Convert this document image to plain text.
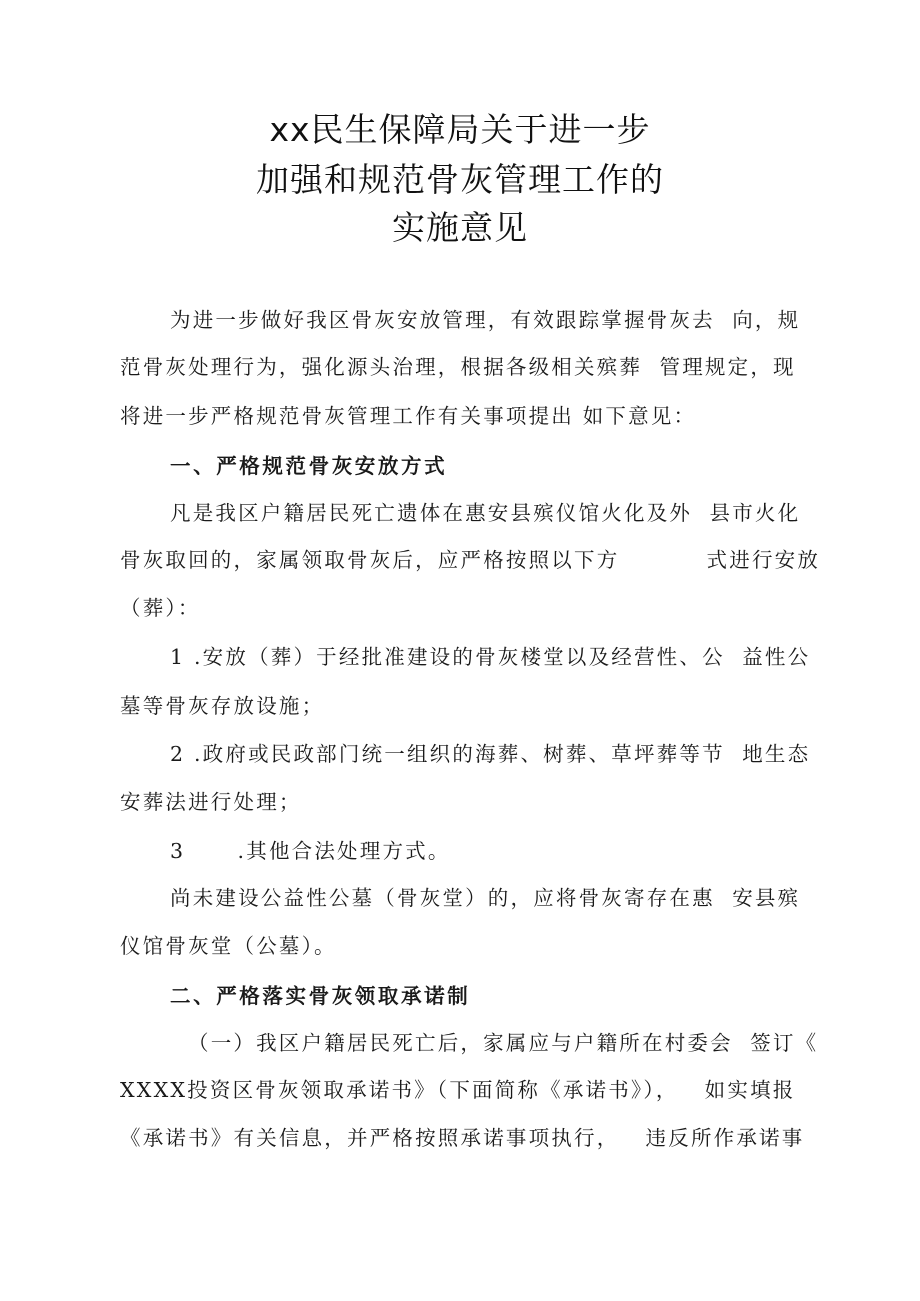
xx民生保障局关于进一步
加强和规范骨灰管理工作的
实施意见
为进一步做好我区骨灰安放管理，有效跟踪掌握骨灰去  向，规
范骨灰处理行为，强化源头治理，根据各级相关殡葬  管理规定，现
将进一步严格规范骨灰管理工作有关事项提出 如下意见：
一、严格规范骨灰安放方式
凡是我区户籍居民死亡遗体在惠安县殡仪馆火化及外  县市火化
骨灰取回的，家属领取骨灰后，应严格按照以下方          式进行安放
（葬）：
1 .安放（葬）于经批准建设的骨灰楼堂以及经营性、公  益性公
墓等骨灰存放设施；
2 .政府或民政部门统一组织的海葬、树葬、草坪葬等节  地生态
安葬法进行处理；
3      .其他合法处理方式。
尚未建设公益性公墓（骨灰堂）的，应将骨灰寄存在惠  安县殡
仪馆骨灰堂（公墓）。
二、严格落实骨灰领取承诺制
（一）我区户籍居民死亡后，家属应与户籍所在村委会  签订《
XXXX投资区骨灰领取承诺书》（下面简称《承诺书》），   如实填报
《承诺书》有关信息，并严格按照承诺事项执行，   违反所作承诺事
